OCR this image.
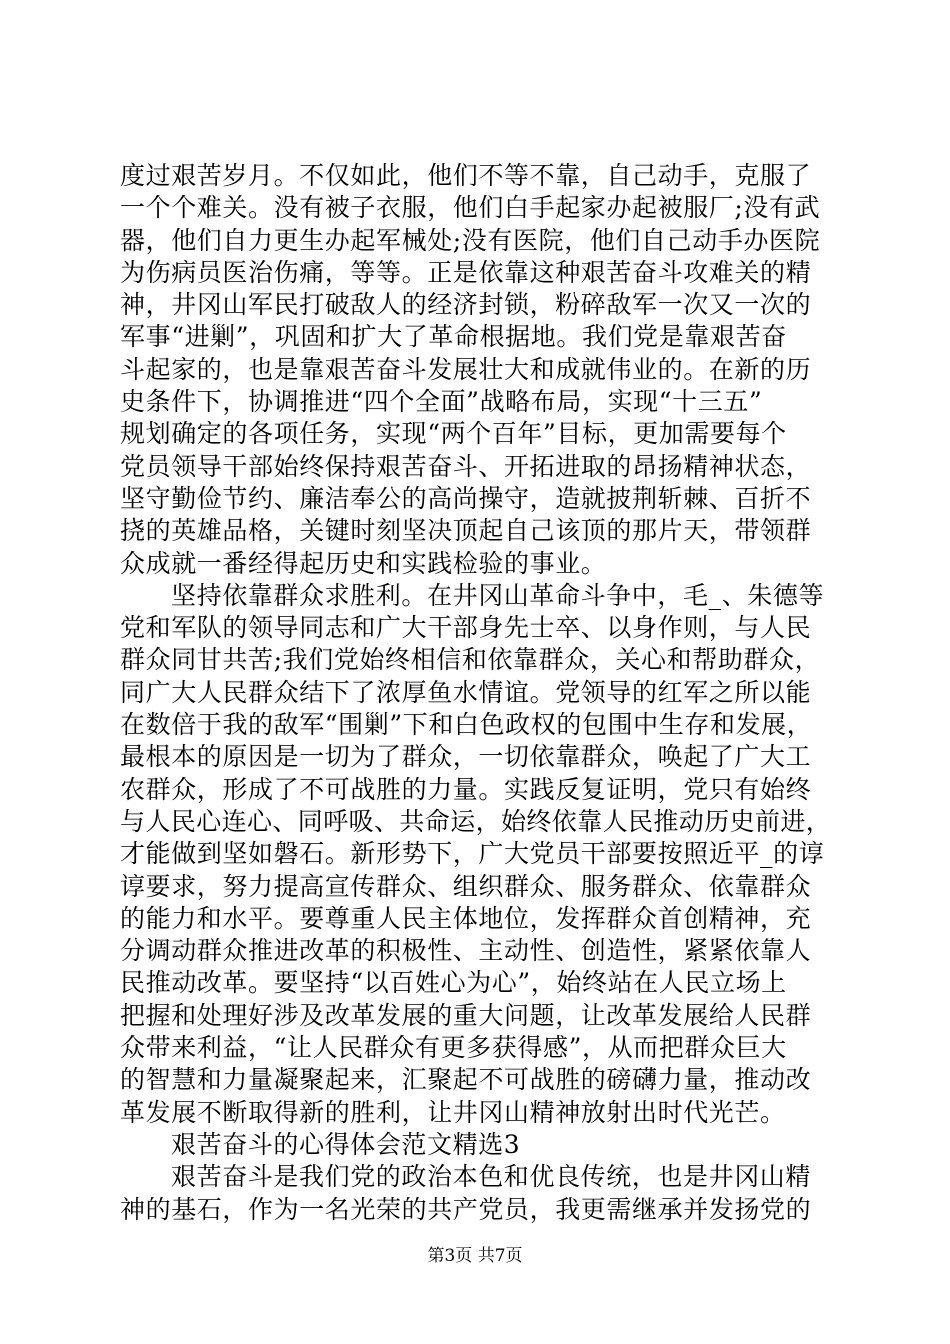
度过艰苦岁月。不仅如此，他们不等不靠，自己动手，克服了
一个个难关。没有被子衣服，他们白手起家办起被服厂;没有武
器，他们自力更生办起军械处;没有医院，他们自己动手办医院
为伤病员医治伤痛，等等。正是依靠这种艰苦奋斗攻难关的精
神，井冈山军民打破敌人的经济封锁，粉碎敌军一次又一次的
军事“进剿”，巩固和扩大了革命根据地。我们党是靠艰苦奋
斗起家的，也是靠艰苦奋斗发展壮大和成就伟业的。在新的历
史条件下，协调推进“四个全面”战略布局，实现“十三五”
规划确定的各项任务，实现“两个百年”目标，更加需要每个
党员领导干部始终保持艰苦奋斗、开拓进取的昂扬精神状态，
坚守勤俭节约、廉洁奉公的高尚操守，造就披荆斩棘、百折不
挠的英雄品格，关键时刻坚决顶起自己该顶的那片天，带领群
众成就一番经得起历史和实践检验的事业。
坚持依靠群众求胜利。在井冈山革命斗争中，毛_、朱德等
党和军队的领导同志和广大干部身先士卒、以身作则，与人民
群众同甘共苦;我们党始终相信和依靠群众，关心和帮助群众，
同广大人民群众结下了浓厚鱼水情谊。党领导的红军之所以能
在数倍于我的敌军“围剿”下和白色政权的包围中生存和发展，
最根本的原因是一切为了群众，一切依靠群众，唤起了广大工
农群众，形成了不可战胜的力量。实践反复证明，党只有始终
与人民心连心、同呼吸、共命运，始终依靠人民推动历史前进，
才能做到坚如磐石。新形势下，广大党员干部要按照近平_的谆
谆要求，努力提高宣传群众、组织群众、服务群众、依靠群众
的能力和水平。要尊重人民主体地位，发挥群众首创精神，充
分调动群众推进改革的积极性、主动性、创造性，紧紧依靠人
民推动改革。要坚持“以百姓心为心”，始终站在人民立场上
把握和处理好涉及改革发展的重大问题，让改革发展给人民群
众带来利益，“让人民群众有更多获得感”，从而把群众巨大
的智慧和力量凝聚起来，汇聚起不可战胜的磅礴力量，推动改
革发展不断取得新的胜利，让井冈山精神放射出时代光芒。
艰苦奋斗的心得体会范文精选3
艰苦奋斗是我们党的政治本色和优良传统，也是井冈山精
神的基石，作为一名光荣的共产党员，我更需继承并发扬党的
第3页 共7页
